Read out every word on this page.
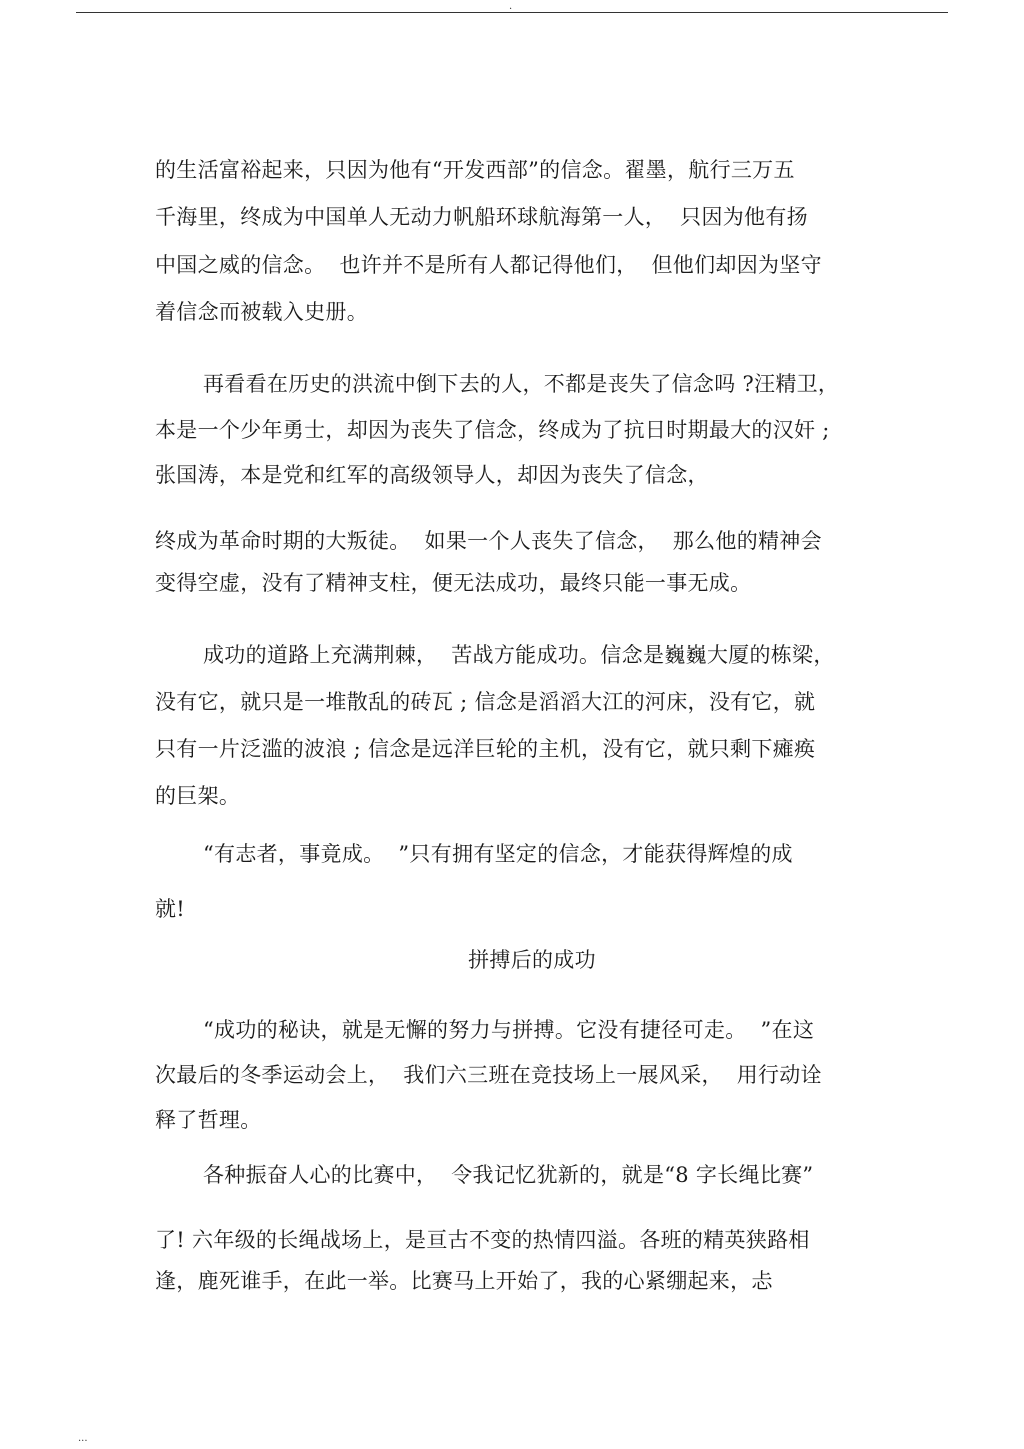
.
的生活富裕起来，只因为他有“开发西部”的信念。翟墨，航行三万五
千海里，终成为中国单人无动力帆船环球航海第一人，  只因为他有扬
中国之威的信念。  也许并不是所有人都记得他们，  但他们却因为坚守
着信念而被载入史册。
再看看在历史的洪流中倒下去的人，不都是丧失了信念吗 ?汪精卫，
本是一个少年勇士，却因为丧失了信念，终成为了抗日时期最大的汉奸 ;
张国涛，本是党和红军的高级领导人，却因为丧失了信念，
终成为革命时期的大叛徒。  如果一个人丧失了信念，  那么他的精神会
变得空虚，没有了精神支柱，便无法成功，最终只能一事无成。
成功的道路上充满荆棘，  苦战方能成功。信念是巍巍大厦的栋梁，
没有它，就只是一堆散乱的砖瓦 ; 信念是滔滔大江的河床，没有它，就
只有一片泛滥的波浪 ; 信念是远洋巨轮的主机，没有它，就只剩下瘫痪
的巨架。
“有志者，事竟成。  ”只有拥有坚定的信念，才能获得辉煌的成
就!
拼搏后的成功
“成功的秘诀，就是无懈的努力与拼搏。它没有捷径可走。  ”在这
次最后的冬季运动会上，  我们六三班在竞技场上一展风采，  用行动诠
释了哲理。
各种振奋人心的比赛中，  令我记忆犹新的，就是“8 字长绳比赛”
了! 六年级的长绳战场上，是亘古不变的热情四溢。各班的精英狭路相
逢，鹿死谁手，在此一举。比赛马上开始了，我的心紧绷起来，忐
...
